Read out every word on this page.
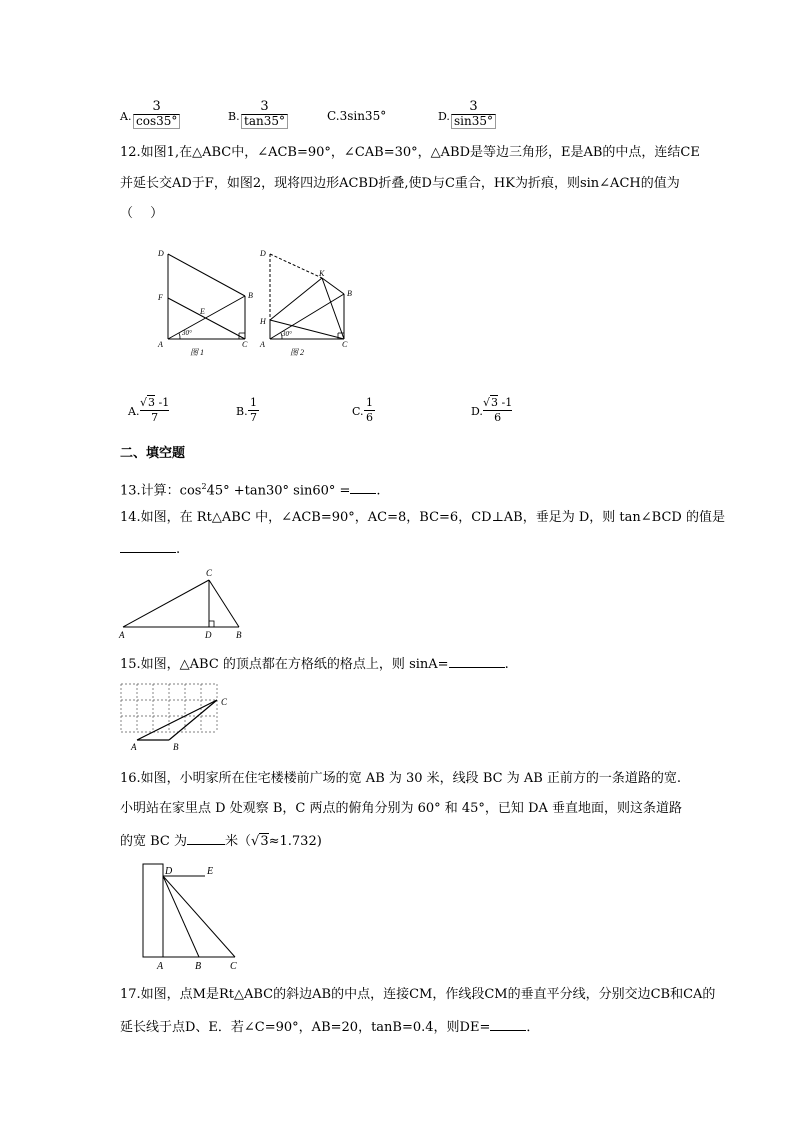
A. $\frac{3}{\cos 35^\circ}$	B. $\frac{3}{\tan 35^\circ}$	C.3sin35°	D. $\frac{3}{\sin 35^\circ}$
12.如图1,在△ABC中，∠ACB=90°，∠CAB=30°，△ABD是等边三角形，E是AB的中点，连结CE
并延长交AD于F，如图2，现将四边形ACBD折叠,使D与C重合，HK为折痕，则sin∠ACH的值为
（　 ）
D
F
E
B
A	C
30°
图 1
D
K
B
H
A	C
30°
图 2
A. $\frac{√3 -1}{7}$	B. $\frac{1}{7}$	C. $\frac{1}{6}$	D. $\frac{√3 -1}{6}$
二、填空题
13.计算：$\cos^245^\circ +\tan 30^\circ$ sin60° = .
14.如图，在 Rt△ABC 中，∠ACB=90°，AC=8，BC=6，CD⊥AB，垂足为 D，则 tan∠BCD 的值是
.
C
A	D	B
15.如图，△ABC 的顶点都在方格纸的格点上，则 sinA=	.
C
A	B
16.如图，小明家所在住宅楼楼前广场的宽 AB 为 30 米，线段 BC 为 AB 正前方的一条道路的宽.
小明站在家里点 D 处观察 B，C 两点的俯角分别为 60° 和 45°，已知 DA 垂直地面，则这条道路
的宽 BC 为	米（√3≈1.732)
D	E
A	B	C
17.如图，点M是Rt△ABC的斜边AB的中点，连接CM，作线段CM的垂直平分线，分别交边CB和CA的
延长线于点D、E．若∠C=90°，AB=20，tanB=0.4，则DE=	．
